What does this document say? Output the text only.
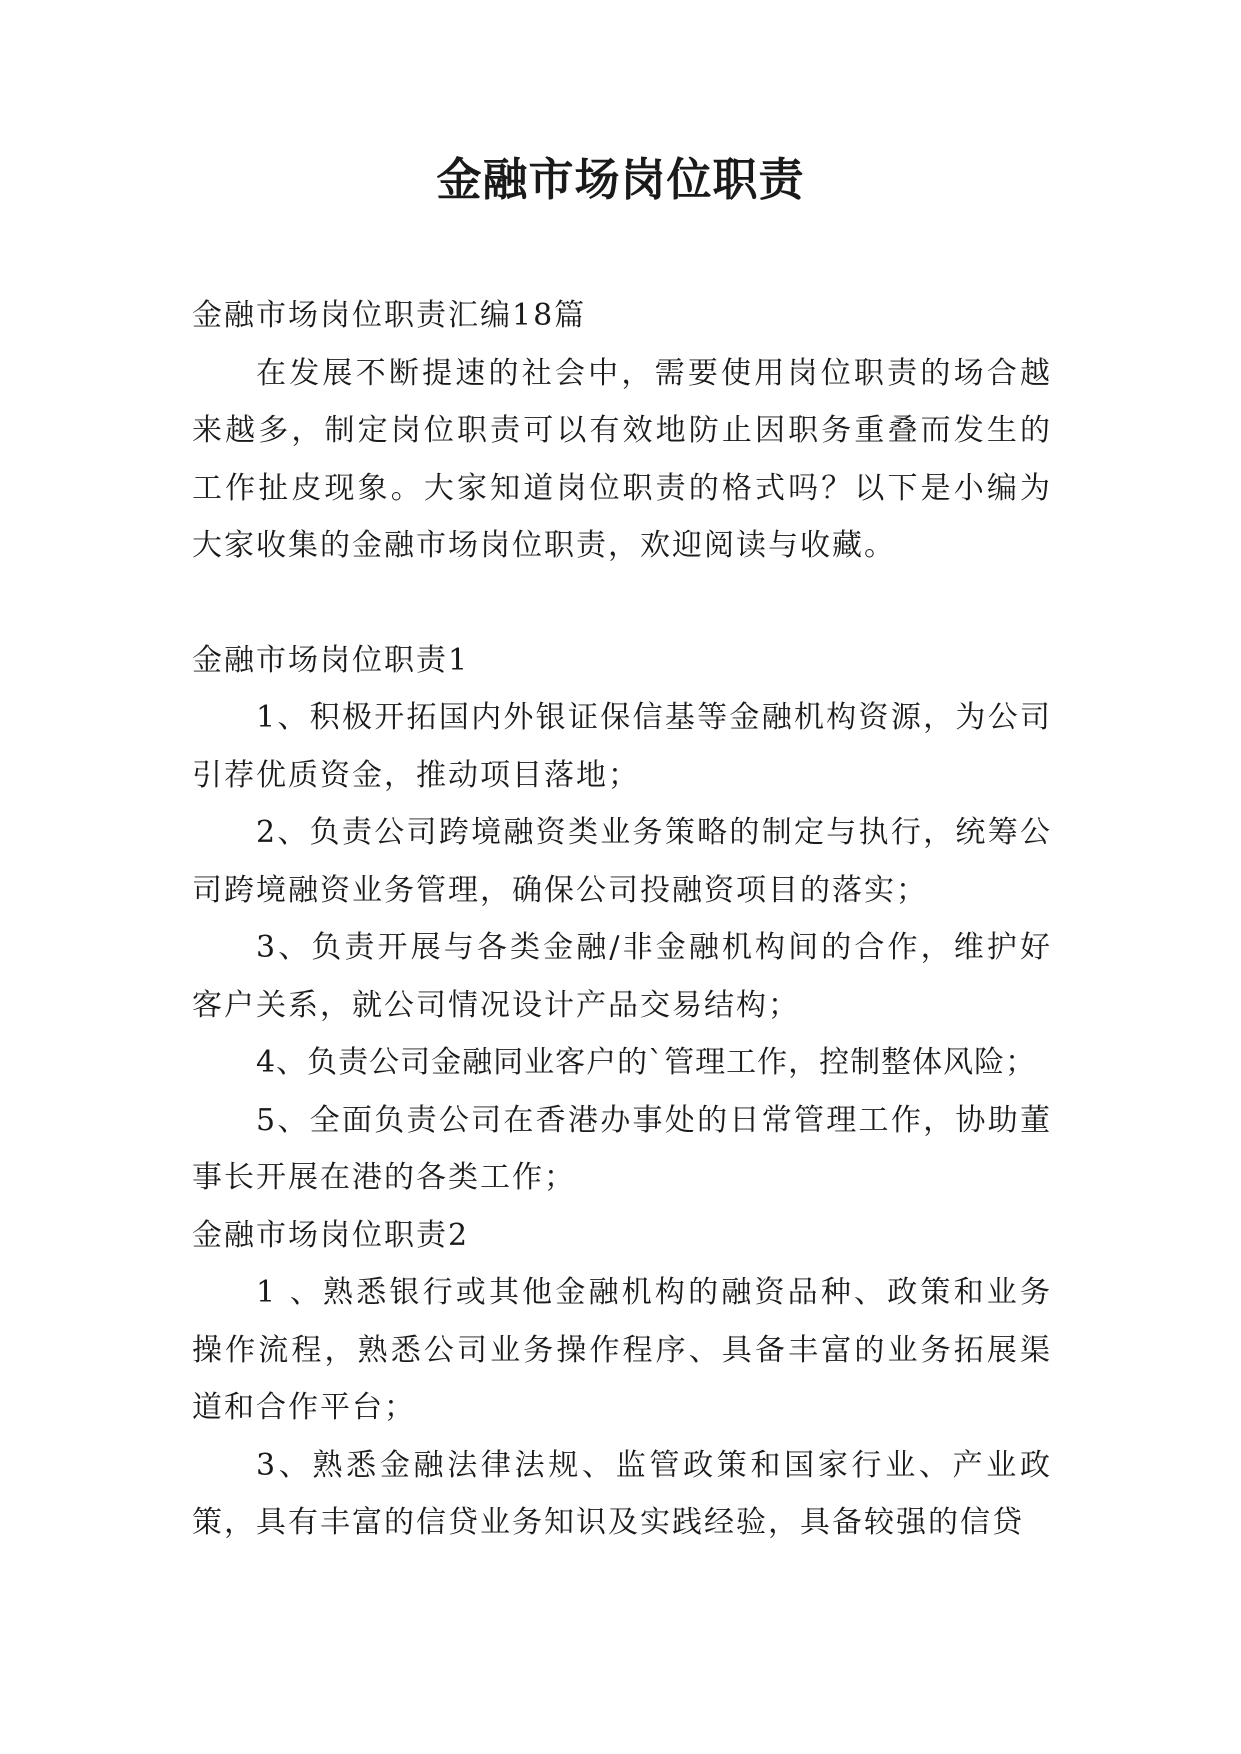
金融市场岗位职责

金融市场岗位职责汇编18篇

在发展不断提速的社会中，需要使用岗位职责的场合越来越多，制定岗位职责可以有效地防止因职务重叠而发生的工作扯皮现象。大家知道岗位职责的格式吗？以下是小编为大家收集的金融市场岗位职责，欢迎阅读与收藏。

金融市场岗位职责1

1、积极开拓国内外银证保信基等金融机构资源，为公司引荐优质资金，推动项目落地；

2、负责公司跨境融资类业务策略的制定与执行，统筹公司跨境融资业务管理，确保公司投融资项目的落实；

3、负责开展与各类金融/非金融机构间的合作，维护好客户关系，就公司情况设计产品交易结构；

4、负责公司金融同业客户的`管理工作，控制整体风险；

5、全面负责公司在香港办事处的日常管理工作，协助董事长开展在港的各类工作；

金融市场岗位职责2

1 、熟悉银行或其他金融机构的融资品种、政策和业务操作流程，熟悉公司业务操作程序、具备丰富的业务拓展渠道和合作平台；

3、熟悉金融法律法规、监管政策和国家行业、产业政策，具有丰富的信贷业务知识及实践经验，具备较强的信贷
